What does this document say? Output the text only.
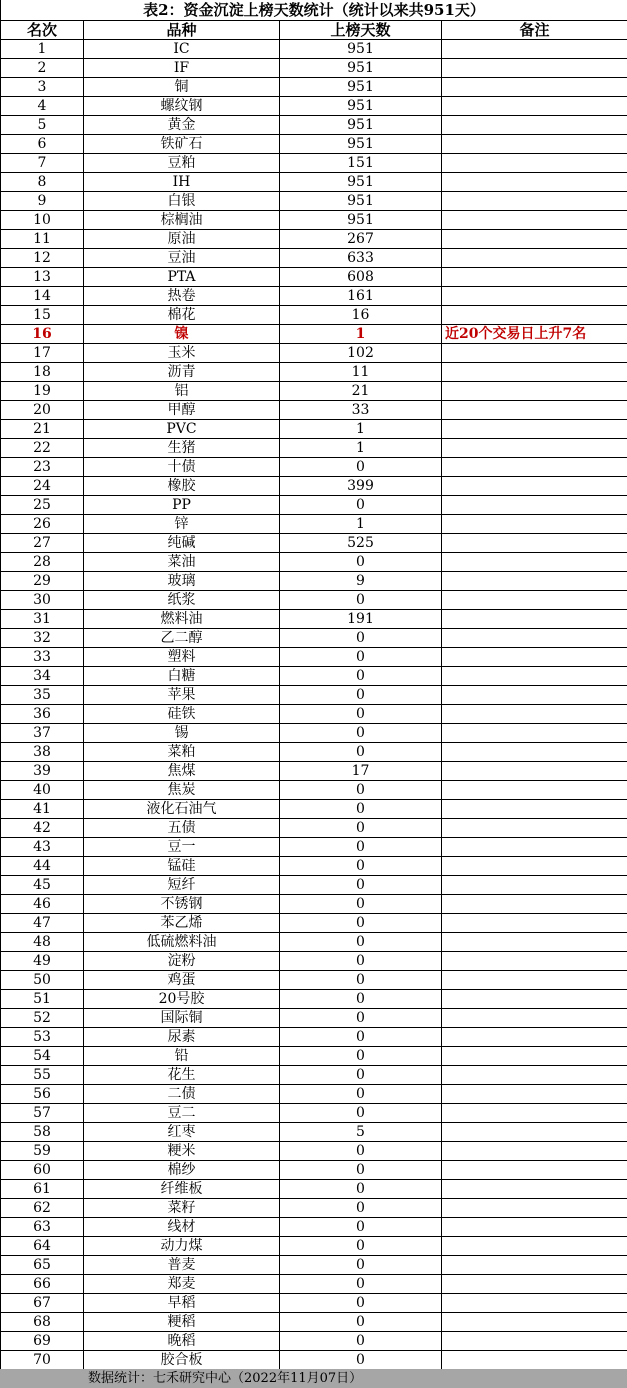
表2：资金沉淀上榜天数统计（统计以来共951天）			
名次	品种	上榜天数	备注
1	IC	951	
2	IF	951	
3	铜	951	
4	螺纹钢	951	
5	黄金	951	
6	铁矿石	951	
7	豆粕	151	
8	IH	951	
9	白银	951	
10	棕榈油	951	
11	原油	267	
12	豆油	633	
13	PTA	608	
14	热卷	161	
15	棉花	16	
16	镍	1	近20个交易日上升7名
17	玉米	102	
18	沥青	11	
19	铝	21	
20	甲醇	33	
21	PVC	1	
22	生猪	1	
23	十债	0	
24	橡胶	399	
25	PP	0	
26	锌	1	
27	纯碱	525	
28	菜油	0	
29	玻璃	9	
30	纸浆	0	
31	燃料油	191	
32	乙二醇	0	
33	塑料	0	
34	白糖	0	
35	苹果	0	
36	硅铁	0	
37	锡	0	
38	菜粕	0	
39	焦煤	17	
40	焦炭	0	
41	液化石油气	0	
42	五债	0	
43	豆一	0	
44	锰硅	0	
45	短纤	0	
46	不锈钢	0	
47	苯乙烯	0	
48	低硫燃料油	0	
49	淀粉	0	
50	鸡蛋	0	
51	20号胶	0	
52	国际铜	0	
53	尿素	0	
54	铅	0	
55	花生	0	
56	二债	0	
57	豆二	0	
58	红枣	5	
59	粳米	0	
60	棉纱	0	
61	纤维板	0	
62	菜籽	0	
63	线材	0	
64	动力煤	0	
65	普麦	0	
66	郑麦	0	
67	早稻	0	
68	粳稻	0	
69	晚稻	0	
70	胶合板	0	
数据统计：七禾研究中心（2022年11月07日）
